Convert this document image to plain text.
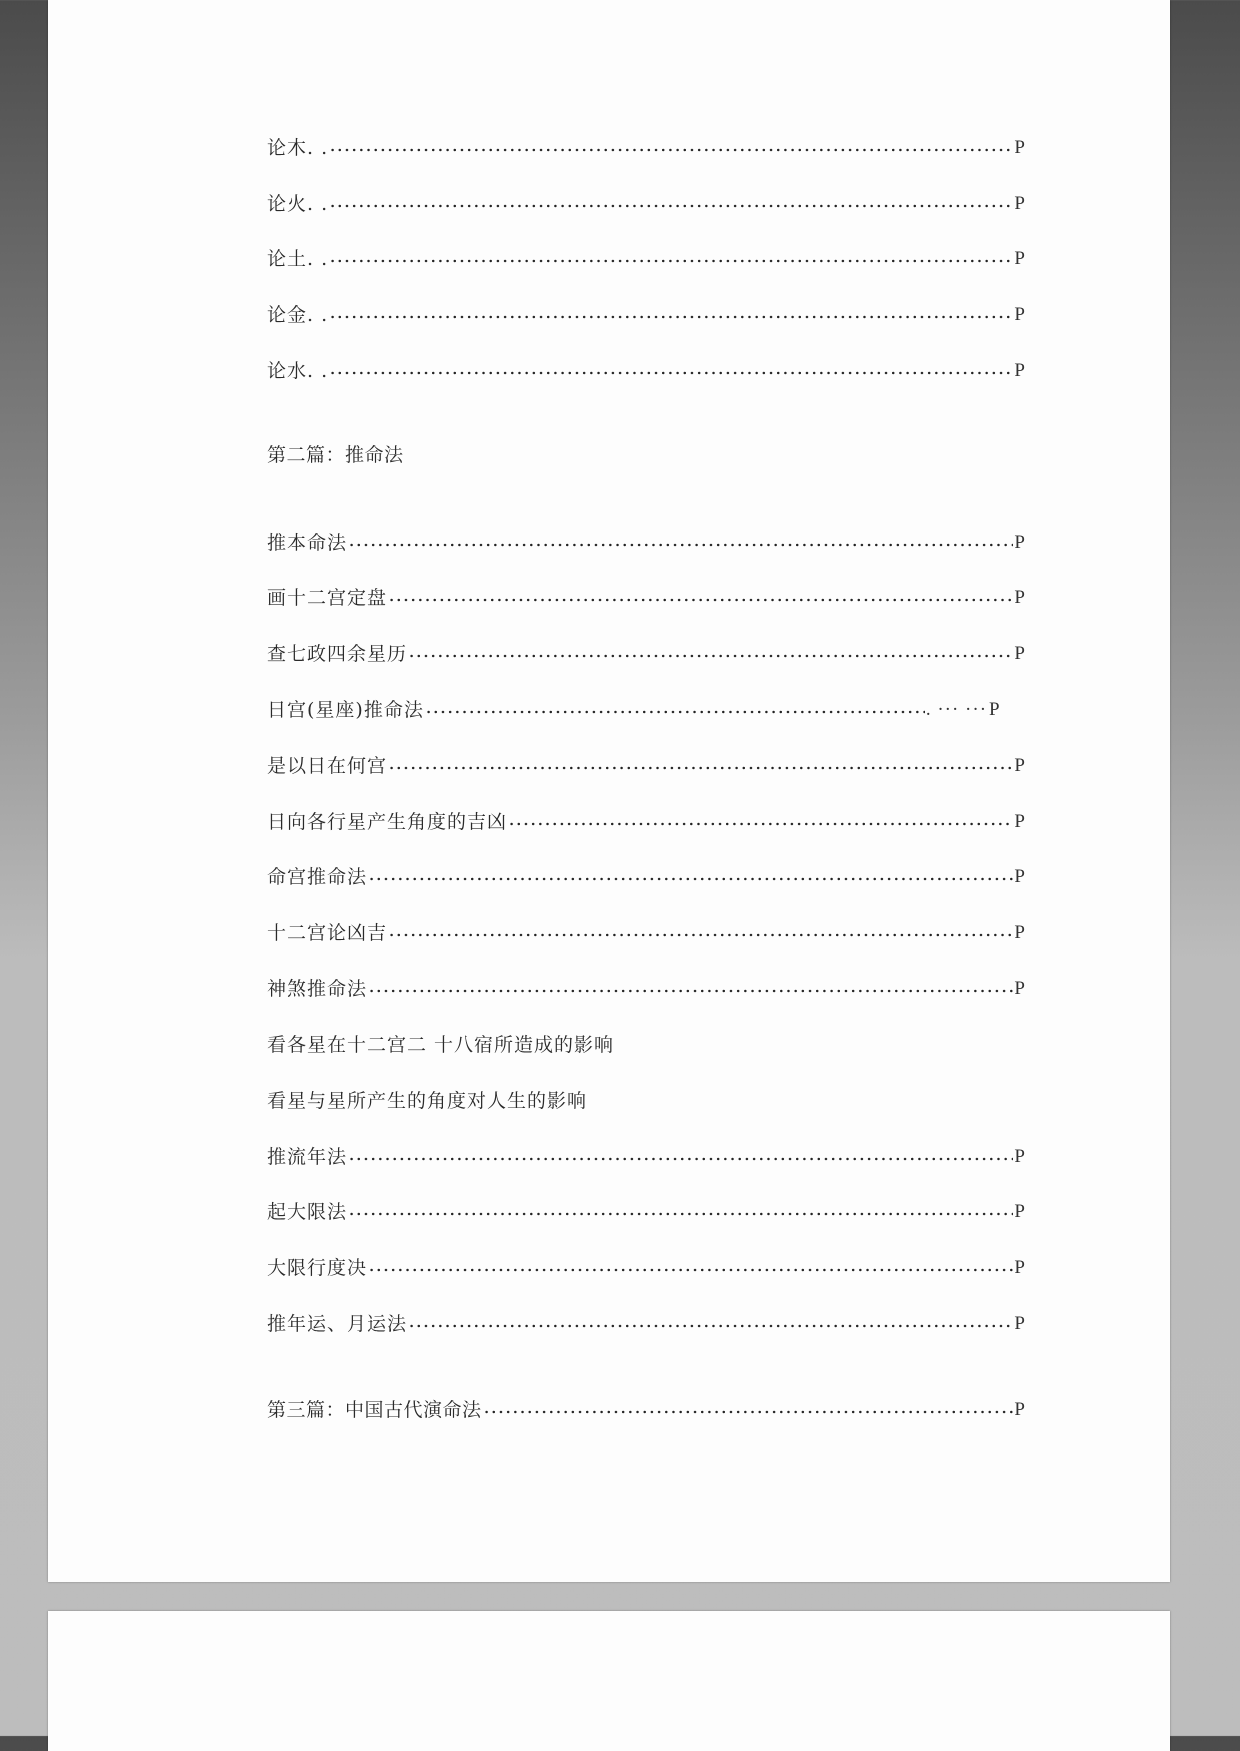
论木. .	P
论火. .	P
论土. .	P
论金. .	P
论水. .	P
第二篇：推命法
推本命法	P
画十二宫定盘	P
查七政四余星历	P
日宫(星座)推命法	. ··· ··· P
是以日在何宫	P
日向各行星产生角度的吉凶	P
命宫推命法	P
十二宫论凶吉	P
神煞推命法	P
看各星在十二宫二 十八宿所造成的影响
看星与星所产生的角度对人生的影响
推流年法	P
起大限法	P
大限行度决	P
推年运、月运法	P
第三篇：中国古代演命法	P
